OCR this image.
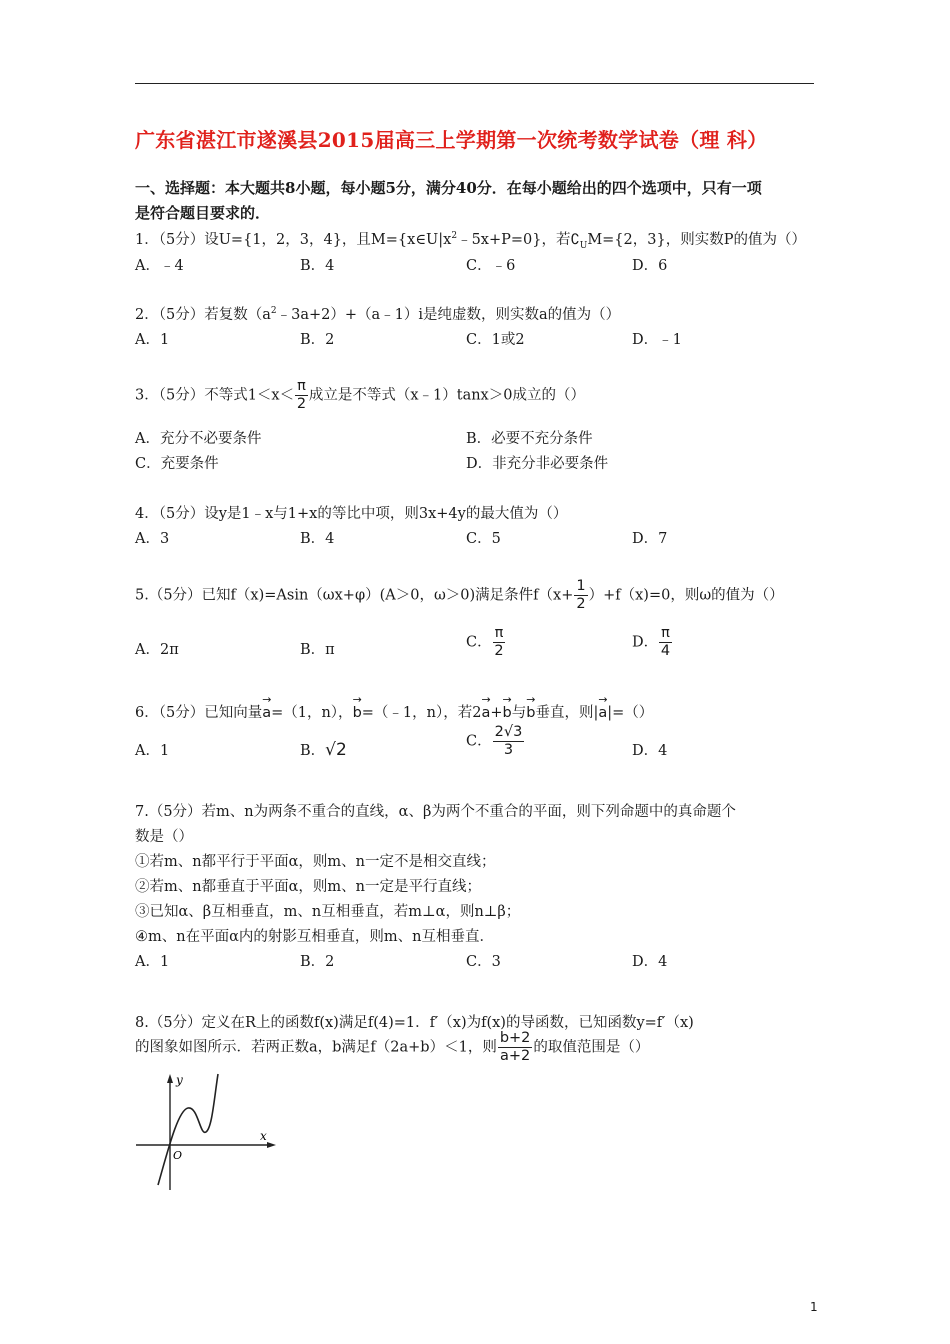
广东省湛江市遂溪县2015届高三上学期第一次统考数学试卷（理 科）
一、选择题：本大题共8小题，每小题5分，满分40分．在每小题给出的四个选项中，只有一项
是符合题目要求的．
1．（5分）设U={1，2，3，4}，且$M=\{x\in U|x^2﹣5x+P=0\}$，若$∁_UM=\{2$，3}，则实数P的值为（）
A．﹣4	B．4	C．﹣6	D．6
2．（5分）若复数$(a^2﹣3a+2)+(a﹣1)i$是纯虚数，则实数a的值为（）
A．1	B．2	C．1或2	D．﹣1
3．（5分）不等式$1<x< \frac{\pi}{2}$ 成立是不等式（x﹣1）tanx＞0成立的（）
A．充分不必要条件	B．必要不充分条件
C．充要条件	D．非充分非必要条件
4．（5分）设y是1﹣x与1+x的等比中项，则3x+4y的最大值为（）
A．3	B．4	C．5	D．7
5.（5分）已知f（x)=Asin（ωx+φ）(A＞0，ω＞0)满足条件$f(x+ \frac{1}{2} )+f(x)=0$，则ω的值为（）
A．2π	B．π	C． $\frac{\pi}{2}$	D． $\frac{\pi}{4}$
6．（5分）已知向量→ a=（1，n），→ b=（﹣1，n），若2→ a+→ b与→ b垂直，则|→ a|=（）
A．1	B．√2	C． $\frac{2√3}{3}$	D．4
7.（5分）若m、n为两条不重合的直线，α、β为两个不重合的平面，则下列命题中的真命题个
数是（）
①若m、n都平行于平面α，则m、n一定不是相交直线；
②若m、n都垂直于平面α，则m、n一定是平行直线；
③已知α、β互相垂直，m、n互相垂直，若m⊥α，则n⊥β；
④m、n在平面α内的射影互相垂直，则m、n互相垂直．
A．1	B．2	C．3	D．4
8.（5分）定义在R上的函数f(x)满足f(4)=1．f′（x)为f(x)的导函数，已知函数y=f′（x)
的图象如图所示．若两正数a，b满足f（2a+b）＜1，则 $\frac{b+2}{a+2}$ 的取值范围是（）
y
x
O
1
